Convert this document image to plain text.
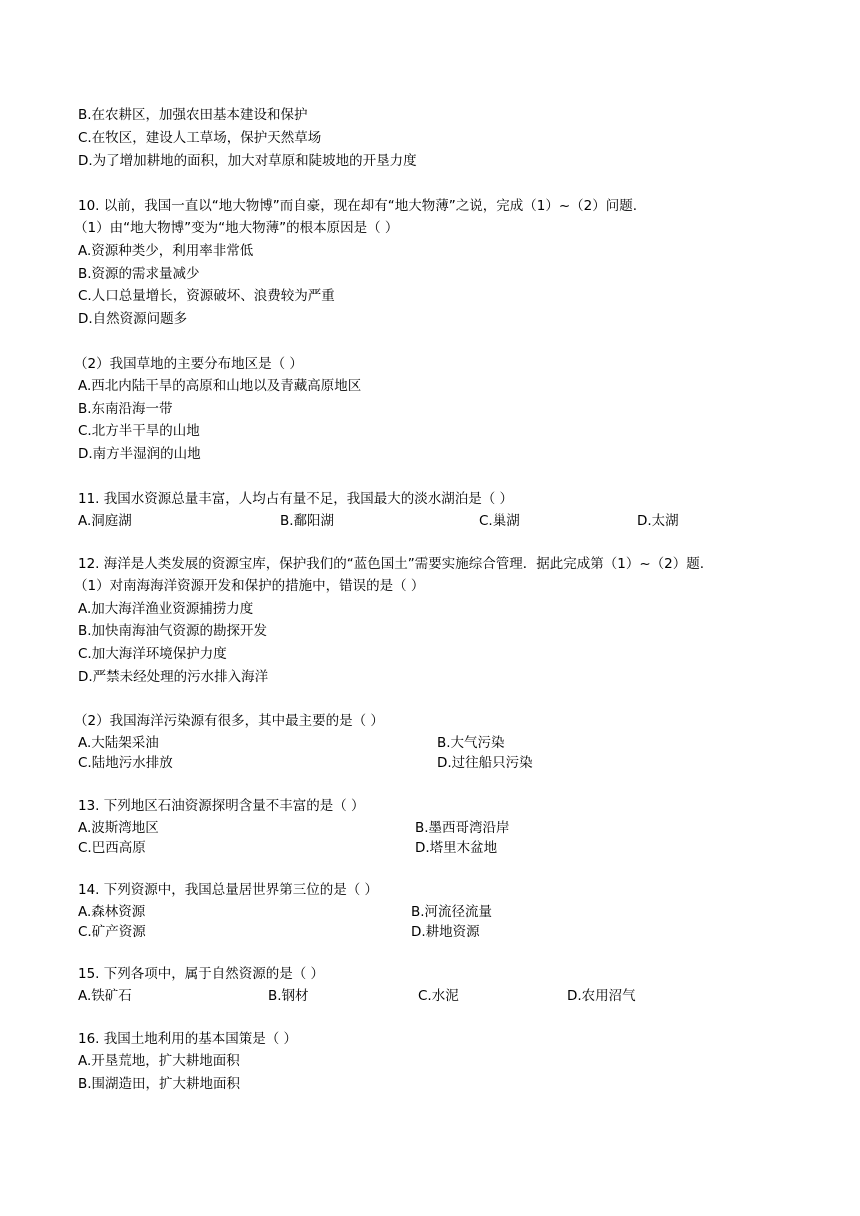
B.在农耕区，加强农田基本建设和保护
C.在牧区，建设人工草场，保护天然草场
D.为了增加耕地的面积，加大对草原和陡坡地的开垦力度
10. 以前，我国一直以“地大物博”而自豪，现在却有“地大物薄”之说，完成（1）~（2）问题.
（1）由“地大物博”变为“地大物薄”的根本原因是（ ）
A.资源种类少，利用率非常低
B.资源的需求量减少
C.人口总量增长，资源破坏、浪费较为严重
D.自然资源问题多
（2）我国草地的主要分布地区是（ ）
A.西北内陆干旱的高原和山地以及青藏高原地区
B.东南沿海一带
C.北方半干旱的山地
D.南方半湿润的山地
11. 我国水资源总量丰富，人均占有量不足，我国最大的淡水湖泊是（ ）
A.洞庭湖	B.鄱阳湖	C.巢湖	D.太湖
12. 海洋是人类发展的资源宝库，保护我们的“蓝色国土”需要实施综合管理．据此完成第（1）~（2）题.
（1）对南海海洋资源开发和保护的措施中，错误的是（ ）
A.加大海洋渔业资源捕捞力度
B.加快南海油气资源的勘探开发
C.加大海洋环境保护力度
D.严禁未经处理的污水排入海洋
（2）我国海洋污染源有很多，其中最主要的是（ ）
A.大陆架采油	B.大气污染
C.陆地污水排放	D.过往船只污染
13. 下列地区石油资源探明含量不丰富的是（ ）
A.波斯湾地区	B.墨西哥湾沿岸
C.巴西高原	D.塔里木盆地
14. 下列资源中，我国总量居世界第三位的是（ ）
A.森林资源	B.河流径流量
C.矿产资源	D.耕地资源
15. 下列各项中，属于自然资源的是（ ）
A.铁矿石	B.钢材	C.水泥	D.农用沼气
16. 我国土地利用的基本国策是（ ）
A.开垦荒地，扩大耕地面积
B.围湖造田，扩大耕地面积
